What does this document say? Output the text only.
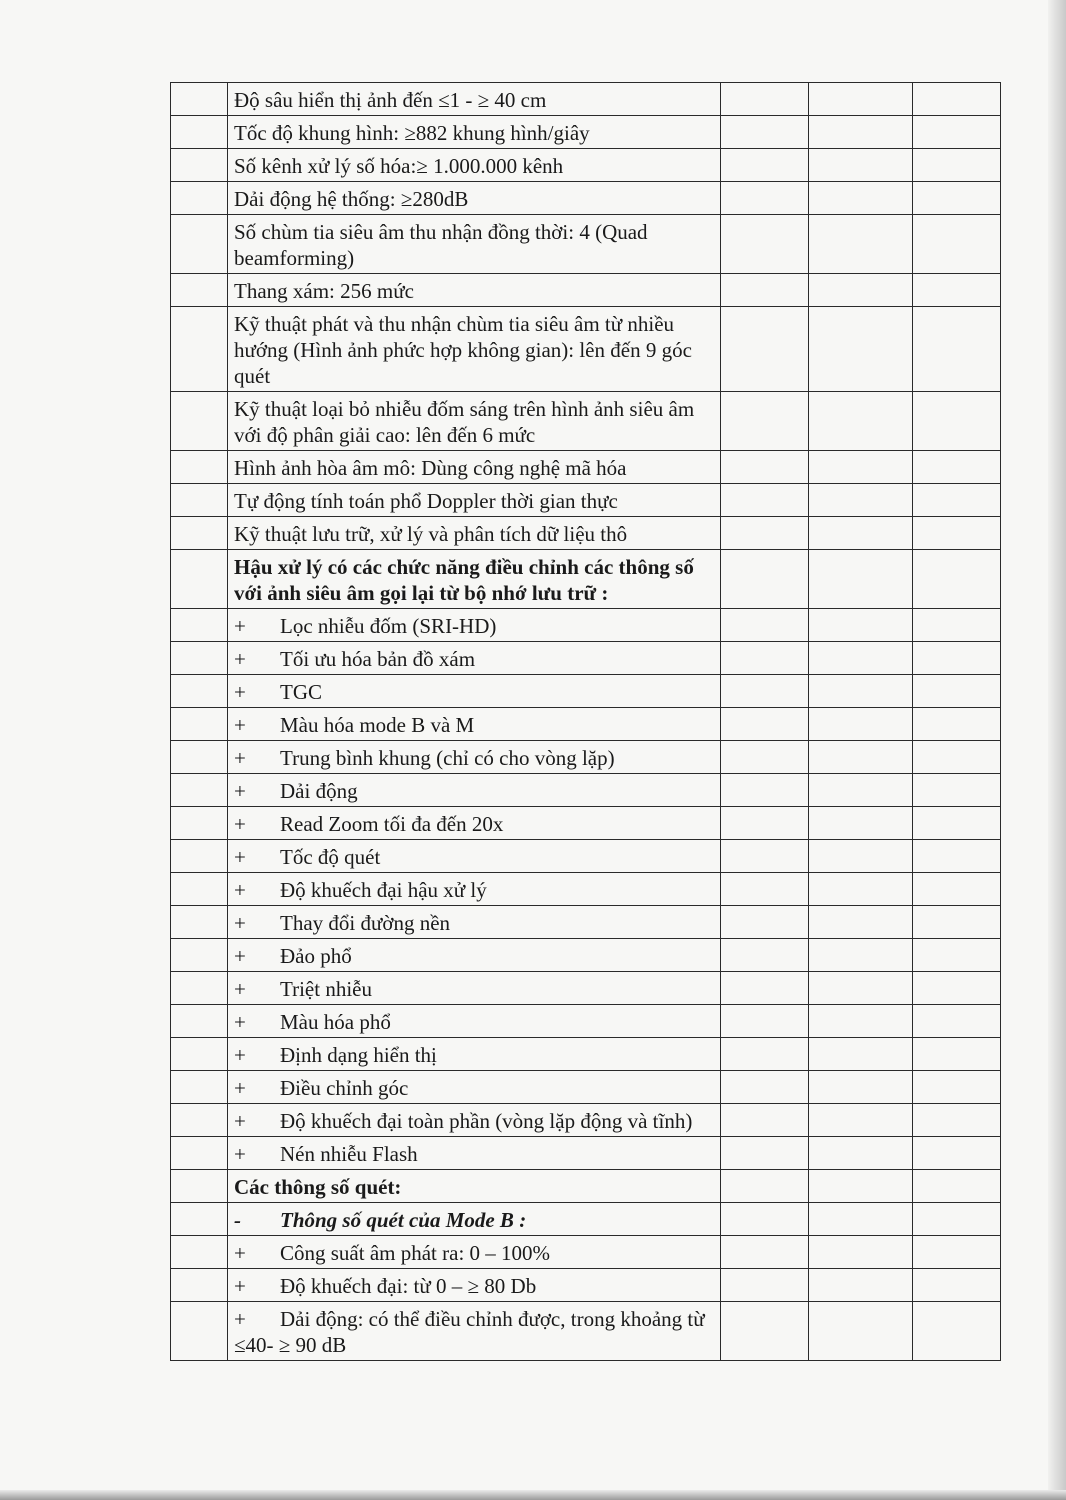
	Độ sâu hiển thị ảnh đến ≤1 - ≥ 40 cm			
	Tốc độ khung hình: ≥882 khung hình/giây			
	Số kênh xử lý số hóa:≥ 1.000.000 kênh			
	Dải động hệ thống: ≥280dB			
	Số chùm tia siêu âm thu nhận đồng thời: 4 (Quad beamforming)			
	Thang xám: 256 mức			
	Kỹ thuật phát và thu nhận chùm tia siêu âm từ nhiều hướng (Hình ảnh phức hợp không gian): lên đến 9 góc quét			
	Kỹ thuật loại bỏ nhiễu đốm sáng trên hình ảnh siêu âm với độ phân giải cao: lên đến 6 mức			
	Hình ảnh hòa âm mô: Dùng công nghệ mã hóa			
	Tự động tính toán phổ Doppler thời gian thực			
	Kỹ thuật lưu trữ, xử lý và phân tích dữ liệu thô			
	Hậu xử lý có các chức năng điều chỉnh các thông số với ảnh siêu âm gọi lại từ bộ nhớ lưu trữ :			
	+ Lọc nhiễu đốm (SRI-HD)			
	+ Tối ưu hóa bản đồ xám			
	+ TGC			
	+ Màu hóa mode B và M			
	+ Trung bình khung (chỉ có cho vòng lặp)			
	+ Dải động			
	+ Read Zoom tối đa đến 20x			
	+ Tốc độ quét			
	+ Độ khuếch đại hậu xử lý			
	+ Thay đổi đường nền			
	+ Đảo phổ			
	+ Triệt nhiễu			
	+ Màu hóa phổ			
	+ Định dạng hiển thị			
	+ Điều chỉnh góc			
	+ Độ khuếch đại toàn phần (vòng lặp động và tĩnh)			
	+ Nén nhiễu Flash			
	Các thông số quét:			
	- Thông số quét của Mode B :			
	+ Công suất âm phát ra: 0 – 100%			
	+ Độ khuếch đại: từ 0 – ≥ 80 Db			
	+ Dải động: có thể điều chỉnh được, trong khoảng từ ≤40- ≥ 90 dB			
